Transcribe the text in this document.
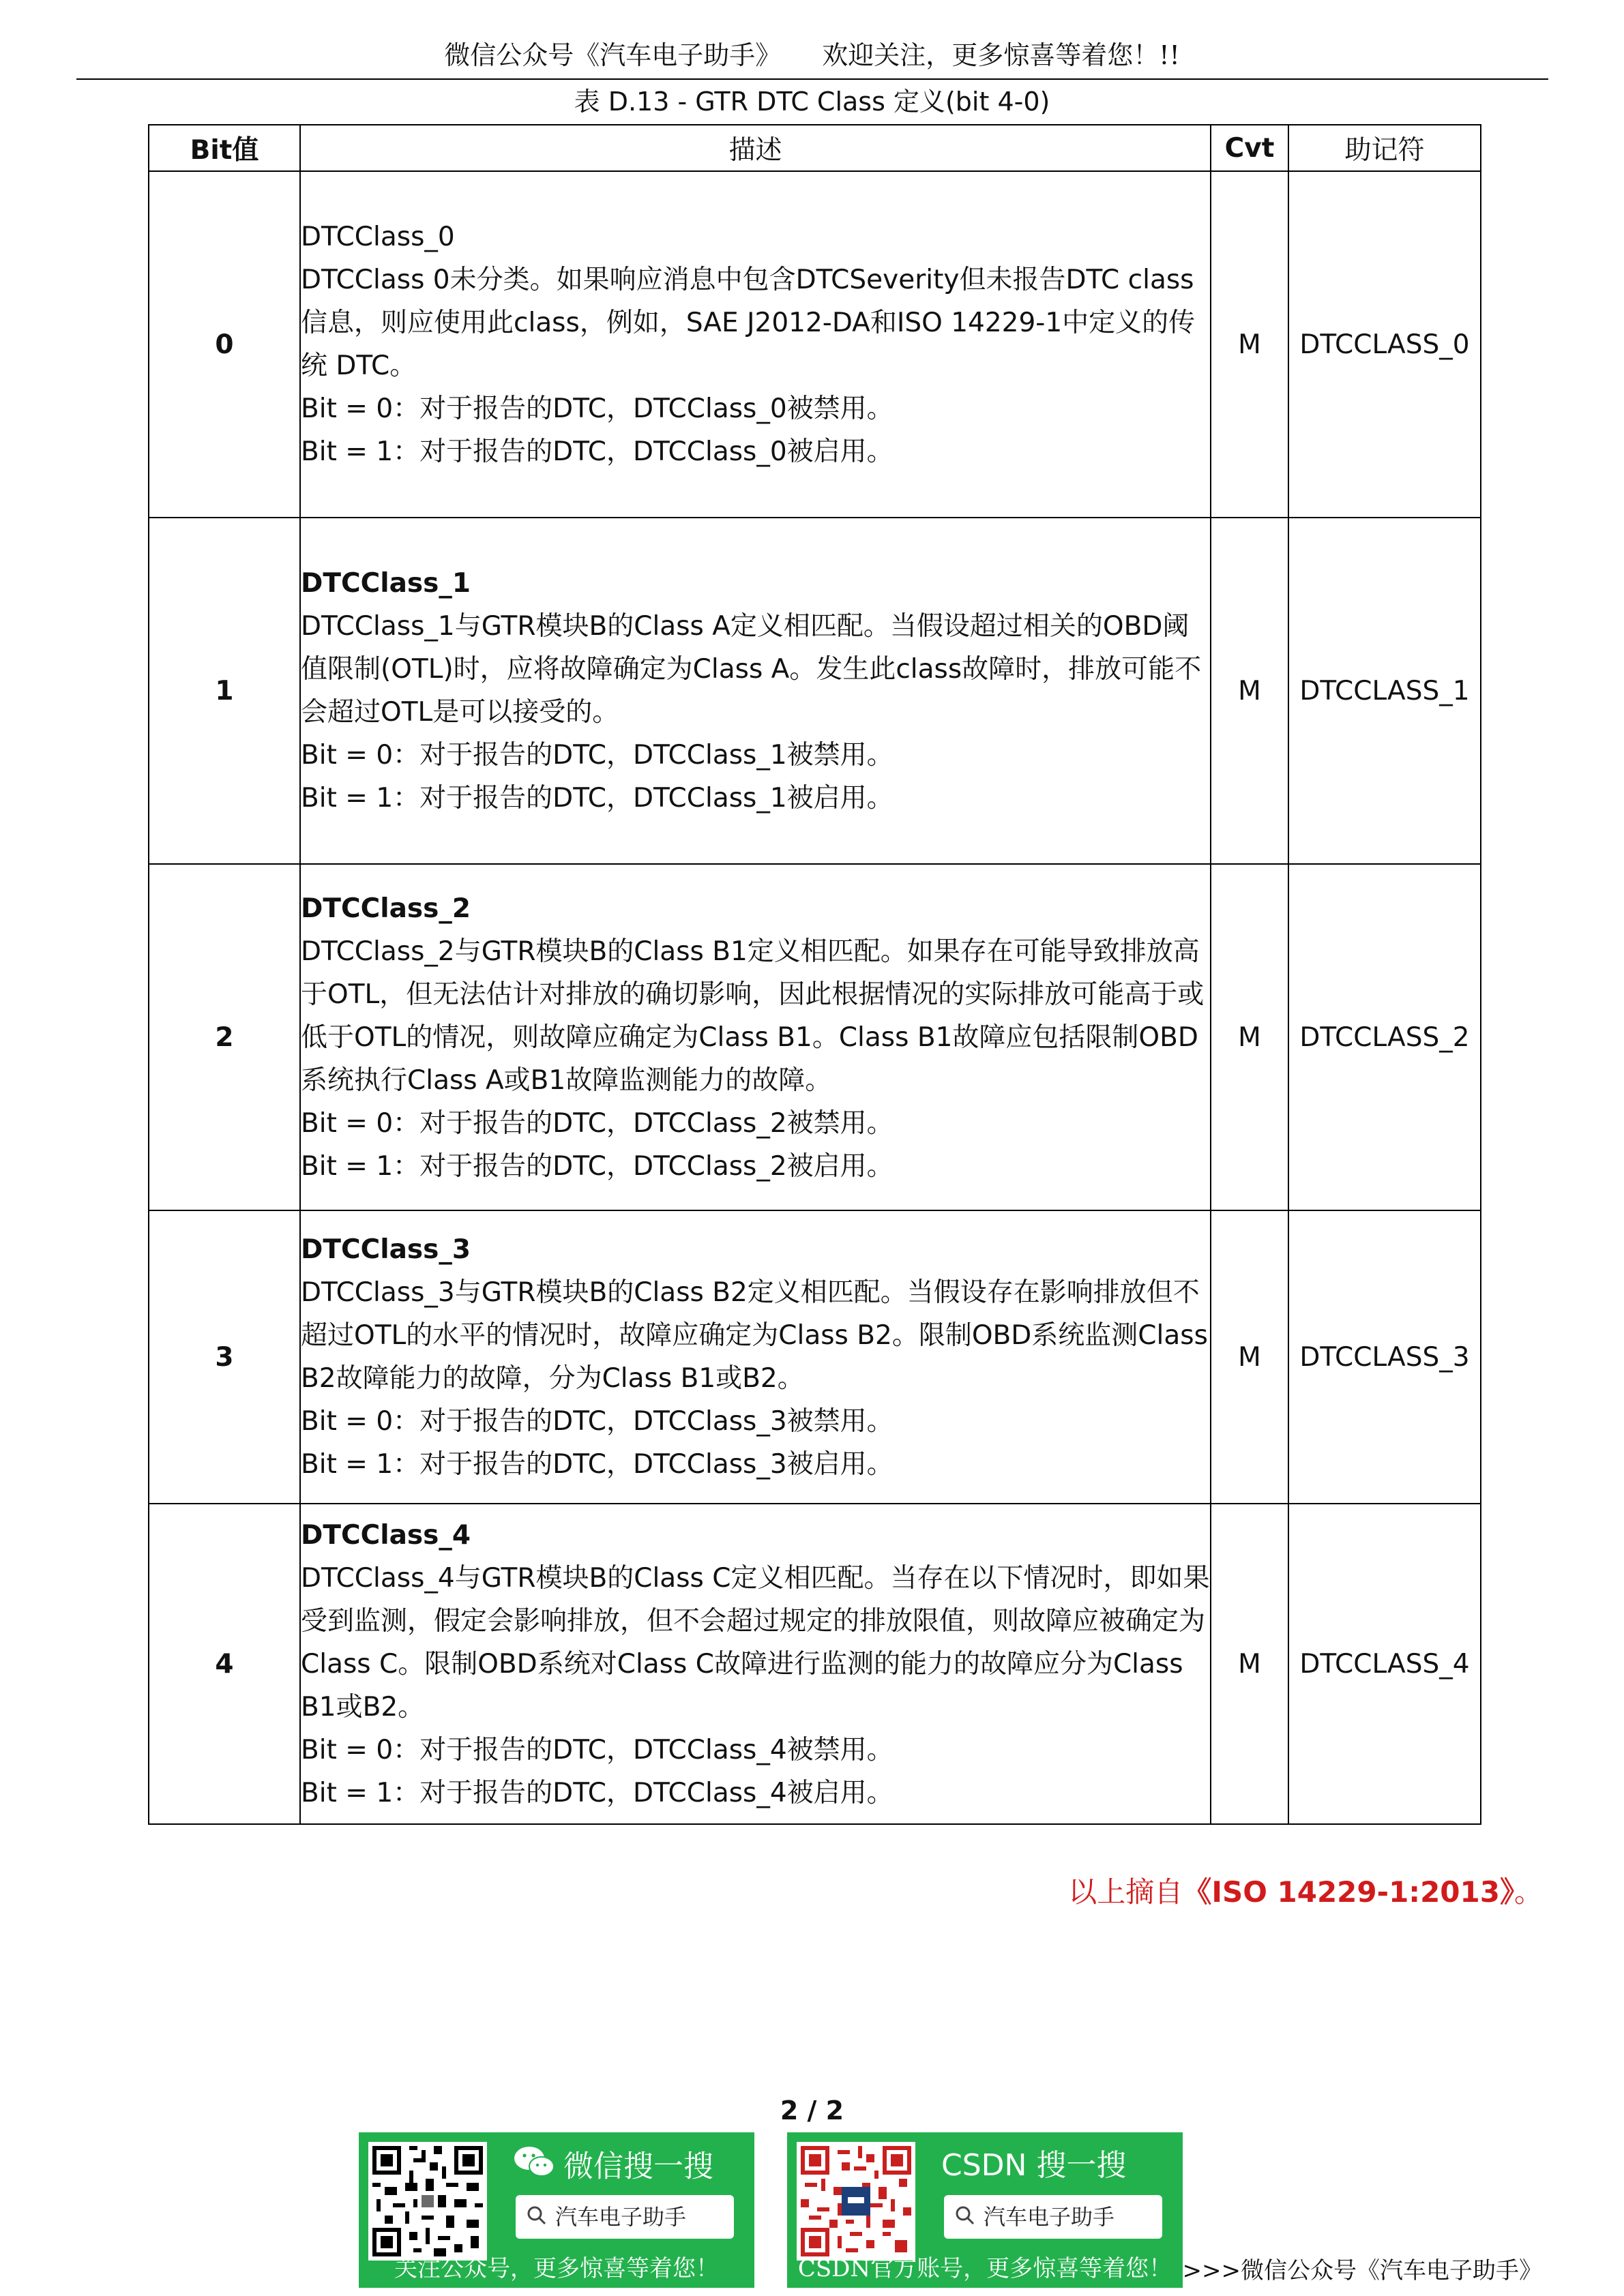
微信公众号《汽车电子助手》 欢迎关注，更多惊喜等着您！!!
表 D.13 - GTR DTC Class 定义(bit 4-0)
Bit值	描述	Cvt	助记符
0	DTCClass_0

DTCClass 0未分类。如果响应消息中包含DTCSeverity但未报告DTC class信息，则应使用此class，例如，SAE J2012-DA和ISO 14229-1中定义的传统 DTC。

Bit = 0：对于报告的DTC，DTCClass_0被禁用。

Bit = 1：对于报告的DTC，DTCClass_0被启用。	M	DTCCLASS_0
1	DTCClass_1

DTCClass_1与GTR模块B的Class A定义相匹配。当假设超过相关的OBD阈值限制(OTL)时，应将故障确定为Class A。发生此class故障时，排放可能不会超过OTL是可以接受的。

Bit = 0：对于报告的DTC，DTCClass_1被禁用。

Bit = 1：对于报告的DTC，DTCClass_1被启用。	M	DTCCLASS_1
2	DTCClass_2

DTCClass_2与GTR模块B的Class B1定义相匹配。如果存在可能导致排放高于OTL，但无法估计对排放的确切影响，因此根据情况的实际排放可能高于或低于OTL的情况，则故障应确定为Class B1。Class B1故障应包括限制OBD系统执行Class A或B1故障监测能力的故障。

Bit = 0：对于报告的DTC，DTCClass_2被禁用。

Bit = 1：对于报告的DTC，DTCClass_2被启用。	M	DTCCLASS_2
3	DTCClass_3

DTCClass_3与GTR模块B的Class B2定义相匹配。当假设存在影响排放但不超过OTL的水平的情况时，故障应确定为Class B2。限制OBD系统监测Class B2故障能力的故障，分为Class B1或B2。

Bit = 0：对于报告的DTC，DTCClass_3被禁用。

Bit = 1：对于报告的DTC，DTCClass_3被启用。	M	DTCCLASS_3
4	DTCClass_4

DTCClass_4与GTR模块B的Class C定义相匹配。当存在以下情况时，即如果受到监测，假定会影响排放，但不会超过规定的排放限值，则故障应被确定为Class C。限制OBD系统对Class C故障进行监测的能力的故障应分为Class B1或B2。

Bit = 0：对于报告的DTC，DTCClass_4被禁用。

Bit = 1：对于报告的DTC，DTCClass_4被启用。	M	DTCCLASS_4
以上摘自《ISO 14229-1:2013》。
2 / 2
微信搜一搜
汽车电子助手
关注公众号，更多惊喜等着您！
CSDN 搜一搜
汽车电子助手
CSDN官方账号，更多惊喜等着您！ >>>微信公众号《汽车电子助手》
